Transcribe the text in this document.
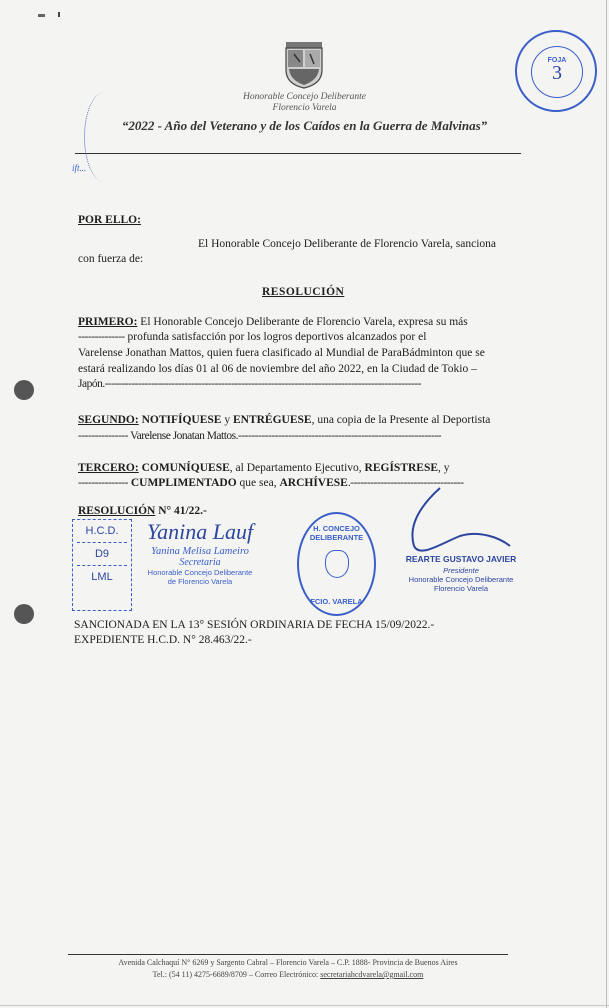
Honorable Concejo Deliberante
Florencio Varela
“2022 - Año del Veterano y de los Caídos en la Guerra de Malvinas”
FOJA
3
ift...
POR ELLO:
El Honorable Concejo Deliberante de Florencio Varela, sanciona
con fuerza de:
RESOLUCIÓN
PRIMERO: El Honorable Concejo Deliberante de Florencio Varela, expresa su más
-------------- profunda satisfacción por los logros deportivos alcanzados por el
Varelense Jonathan Mattos, quien fuera clasificado al Mundial de ParaBádminton que se
estará realizando los días 01 al 06 de noviembre del año 2022, en la Ciudad de Tokio –
Japón.-----------------------------------------------------------------------------------------------
SEGUNDO: NOTIFÍQUESE y ENTRÉGUESE, una copia de la Presente al Deportista
--------------- Varelense Jonatan Mattos.-------------------------------------------------------------
TERCERO: COMUNÍQUESE, al Departamento Ejecutivo, REGÍSTRESE, y
--------------- CUMPLIMENTADO que sea, ARCHÍVESE.----------------------------------
RESOLUCIÓN N° 41/22.-
H.C.D.
D9
LML
Yanina Lauf
Yanina Melisa Lameiro
Secretaria
Honorable Concejo Deliberante
de Florencio Varela
H. CONCEJO DELIBERANTE
FCIO. VARELA
REARTE GUSTAVO JAVIER
Presidente
Honorable Concejo Deliberante
Florencio Varela
SANCIONADA EN LA 13° SESIÓN ORDINARIA DE FECHA 15/09/2022.-
EXPEDIENTE H.C.D. N° 28.463/22.-
Avenida Calchaquí N° 6269 y Sargento Cabral – Florencio Varela – C.P. 1888- Provincia de Buenos Aires
Tel.: (54 11) 4275-6689/8709 – Correo Electrónico: secretariahcdvarela@gmail.com
